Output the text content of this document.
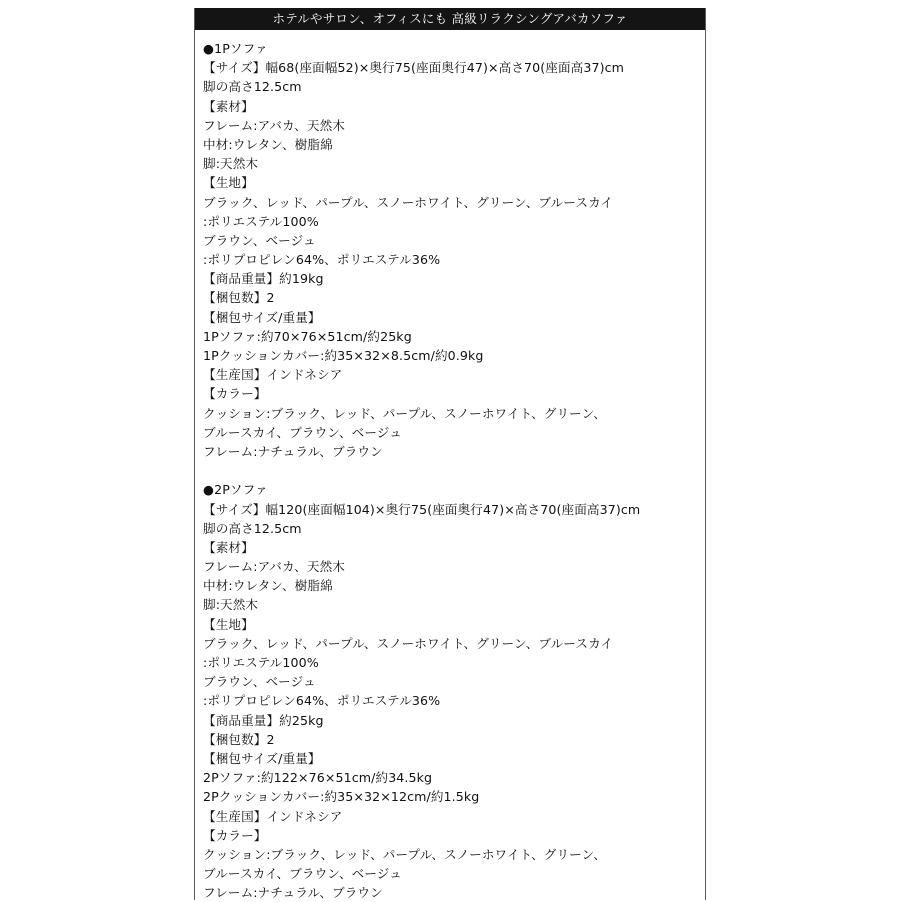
ホテルやサロン、オフィスにも 高級リラクシングアバカソファ
●1Pソファ
【サイズ】幅68(座面幅52)×奥行75(座面奥行47)×高さ70(座面高37)cm
脚の高さ12.5cm
【素材】
フレーム:アバカ、天然木
中材:ウレタン、樹脂綿
脚:天然木
【生地】
ブラック、レッド、パープル、スノーホワイト、グリーン、ブルースカイ
:ポリエステル100%
ブラウン、ベージュ
:ポリプロピレン64%、ポリエステル36%
【商品重量】約19kg
【梱包数】2
【梱包サイズ/重量】
1Pソファ:約70×76×51cm/約25kg
1Pクッションカバー:約35×32×8.5cm/約0.9kg
【生産国】インドネシア
【カラー】
クッション:ブラック、レッド、パープル、スノーホワイト、グリーン、
ブルースカイ、ブラウン、ベージュ
フレーム:ナチュラル、ブラウン
●2Pソファ
【サイズ】幅120(座面幅104)×奥行75(座面奥行47)×高さ70(座面高37)cm
脚の高さ12.5cm
【素材】
フレーム:アバカ、天然木
中材:ウレタン、樹脂綿
脚:天然木
【生地】
ブラック、レッド、パープル、スノーホワイト、グリーン、ブルースカイ
:ポリエステル100%
ブラウン、ベージュ
:ポリプロピレン64%、ポリエステル36%
【商品重量】約25kg
【梱包数】2
【梱包サイズ/重量】
2Pソファ:約122×76×51cm/約34.5kg
2Pクッションカバー:約35×32×12cm/約1.5kg
【生産国】インドネシア
【カラー】
クッション:ブラック、レッド、パープル、スノーホワイト、グリーン、
ブルースカイ、ブラウン、ベージュ
フレーム:ナチュラル、ブラウン
